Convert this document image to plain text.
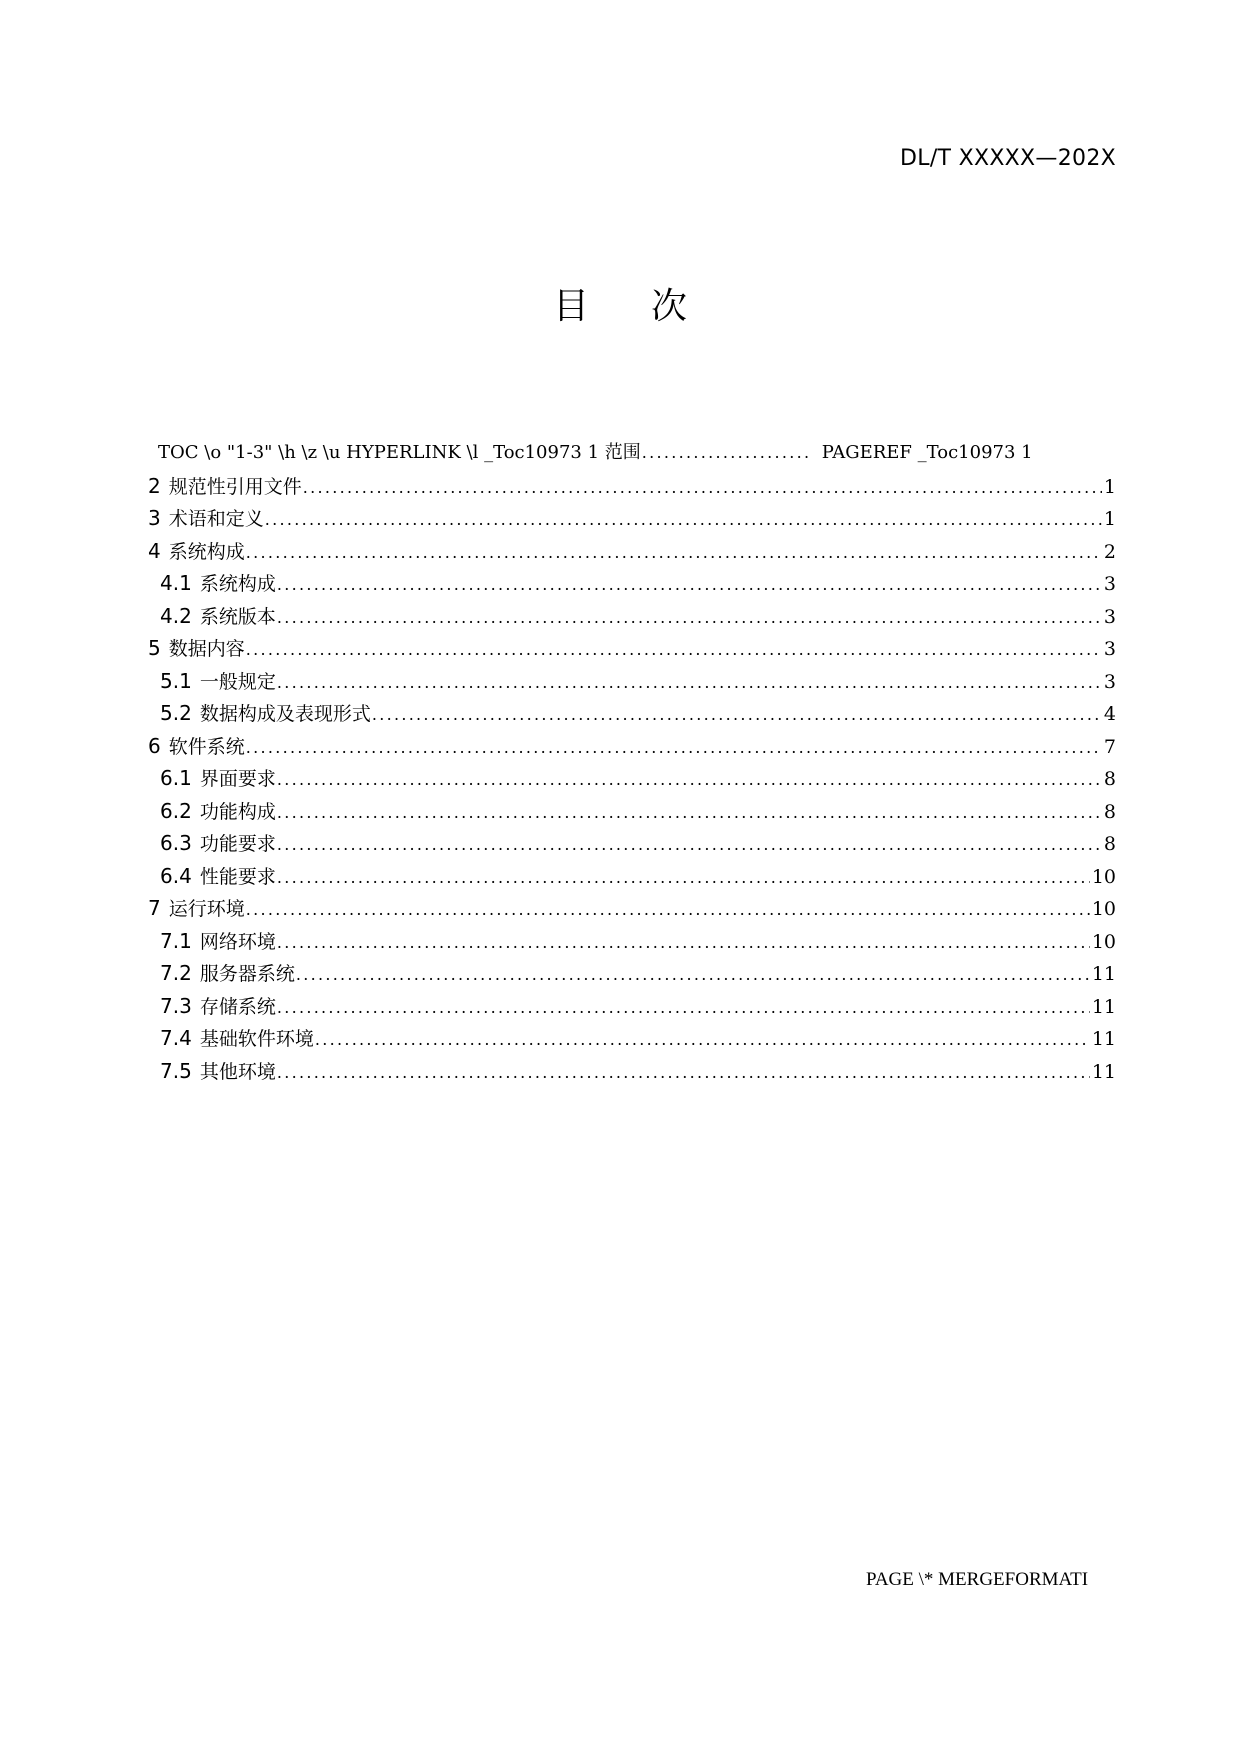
DL/T XXXXX—202X
目 次
TOC \o "1-3" \h \z \u HYPERLINK \l _Toc10973 1 范围 . . .	PAGEREF _Toc10973 1
2 规范性引用文件 . . .	1
3 术语和定义 . . .	1
4 系统构成 . . .	2
4.1 系统构成 . . .	3
4.2 系统版本 . . .	3
5 数据内容 . . .	3
5.1 一般规定 . . .	3
5.2 数据构成及表现形式 . . .	4
6 软件系统 . . .	7
6.1 界面要求 . . .	8
6.2 功能构成 . . .	8
6.3 功能要求 . . .	8
6.4 性能要求 . . .	10
7 运行环境 . . .	10
7.1 网络环境 . . .	10
7.2 服务器系统 . . .	11
7.3 存储系统 . . .	11
7.4 基础软件环境 . . .	11
7.5 其他环境 . . .	11
PAGE \* MERGEFORMATI
